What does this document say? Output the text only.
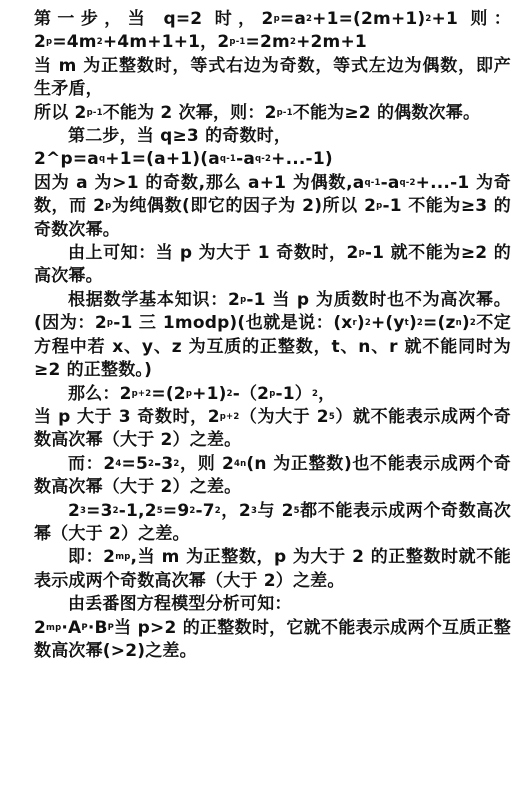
第一步，当 q=2 时，$2^p=a^2+1=(2m+1)^2+1$ 则：$2^p=4m^2+4m+1+1$，$2^{p-1}=2m^2+2m+1$

当 m 为正整数时，等式右边为奇数，等式左边为偶数，即产生矛盾，

所以 2$^{p-1}$不能为 2 次幂，则：2$^{p-1}$不能为≥2 的偶数次幂。

第二步，当 q≥3 的奇数时，

$2\^{}p=a^q+1=(a+1)(a^{q-1}-a^{q-2}+...-1)$

因为 a 为>1 的奇数,那么 a+1 为偶数$,a^{q-1}-a^{q-2}+...-1$ 为奇数，而 2$^p$为纯偶数(即它的因子为 2)所以 2$^p$-1 不能为≥3 的奇数次幂。

由上可知：当 p 为大于 1 奇数时，2$^p$-1 就不能为≥2 的高次幂。

根据数学基本知识：2$^p$-1 当 p 为质数时也不为高次幂。(因为：2$^p$-1 三 1modp)(也就是说：$(x^r)^2+(y^t)^2=(z^n)^2$不定方程中若 x、y、z 为互质的正整数，t、n、r 就不能同时为≥2 的正整数。)

那么：$2^{p+2}=(2^p+1)^2-(2^p-1)^2$，

当 p 大于 3 奇数时，$2^{p+2}$（为大于 $2^5$）就不能表示成两个奇数高次幂（大于 2）之差。

而：$2^4=5^2-3^2$，则 $2^{4n}(n$ 为正整数)也不能表示成两个奇数高次幂（大于 2）之差。

$2^3=3^2-1,2^5=9^2-7^2$，$2^3$与 $2^5$都不能表示成两个奇数高次幂（大于 2）之差。

即：$2^{mp}$,当 m 为正整数，p 为大于 2 的正整数时就不能表示成两个奇数高次幂（大于 2）之差。

由丢番图方程模型分析可知：

$2^{mp}\cdot A^P\cdot B^P$当 p>2 的正整数时，它就不能表示成两个互质正整数高次幂(>2)之差。
